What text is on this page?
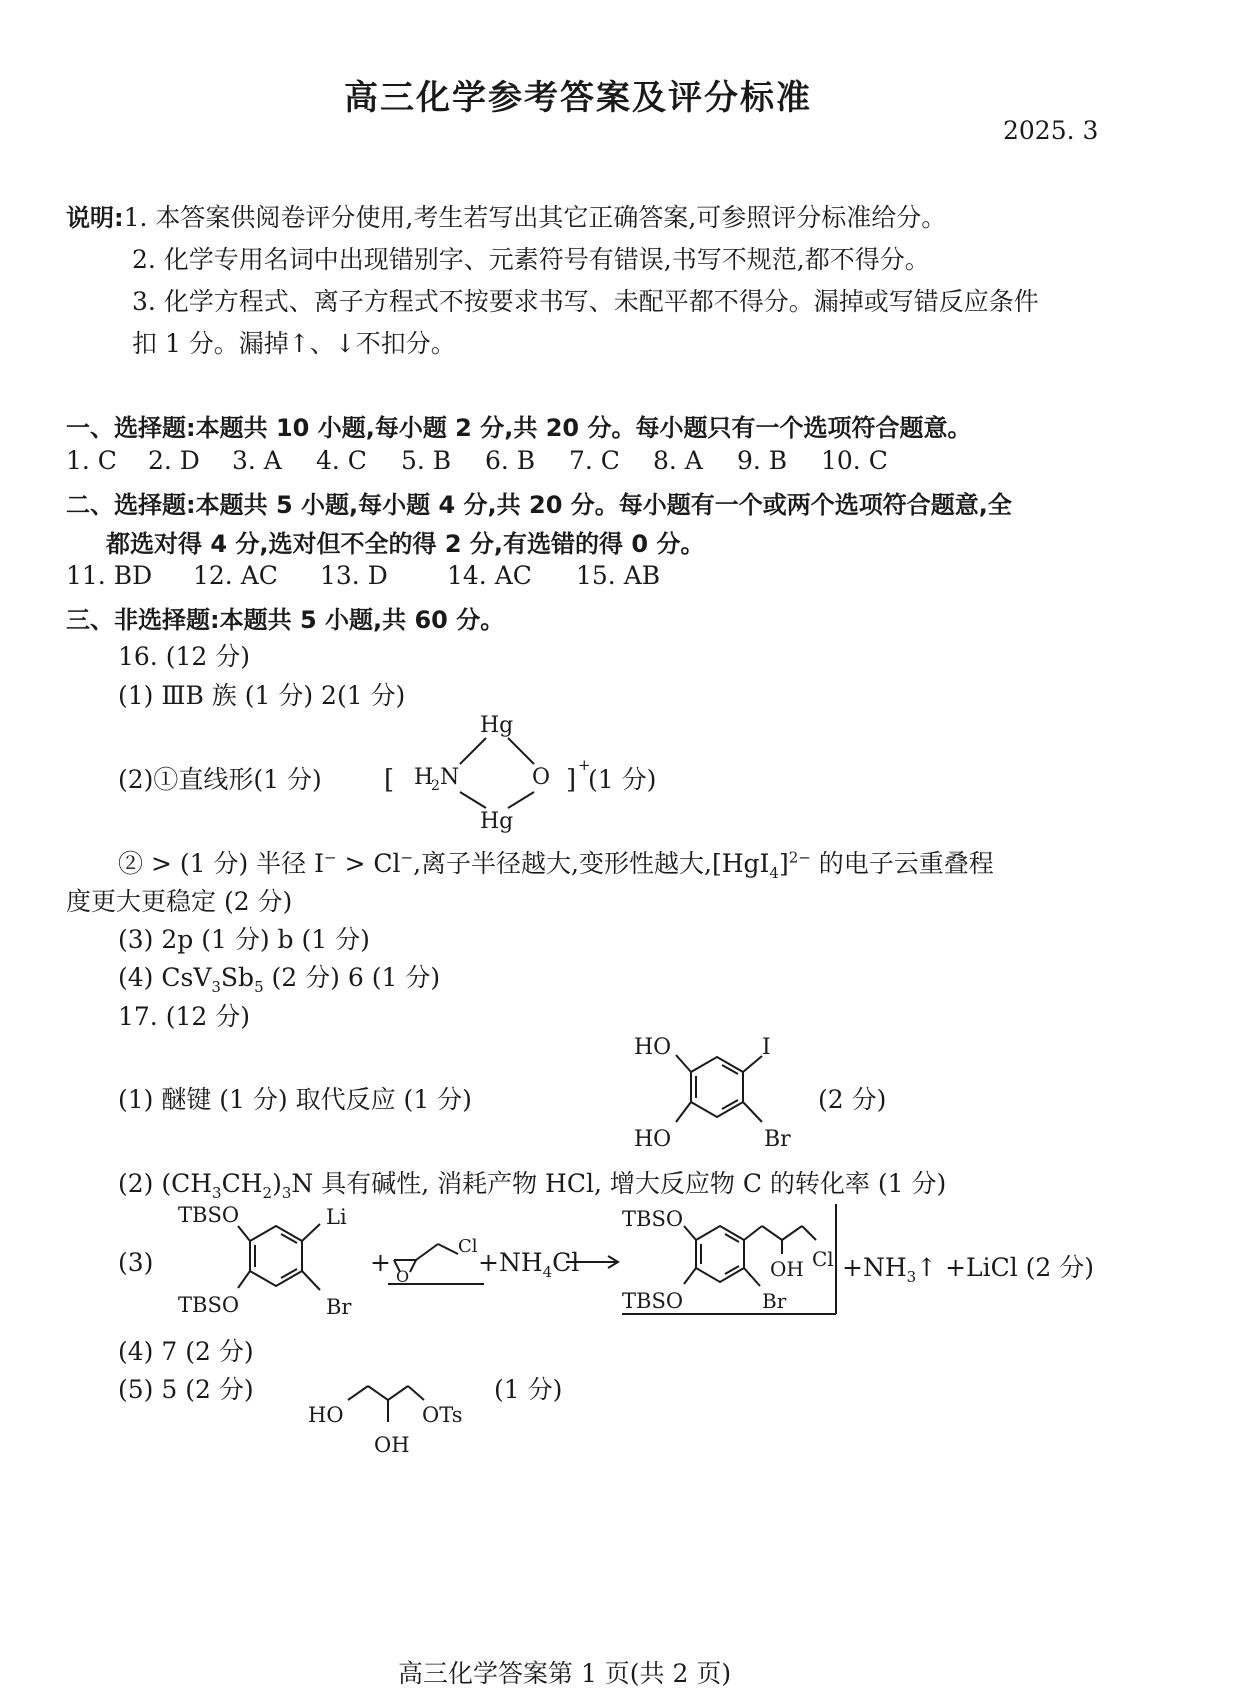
高三化学参考答案及评分标准
2025. 3
说明:1. 本答案供阅卷评分使用,考生若写出其它正确答案,可参照评分标准给分。
2. 化学专用名词中出现错别字、元素符号有错误,书写不规范,都不得分。
3. 化学方程式、离子方程式不按要求书写、未配平都不得分。漏掉或写错反应条件
扣 1 分。漏掉↑、↓不扣分。
一、选择题:本题共 10 小题,每小题 2 分,共 20 分。每小题只有一个选项符合题意。
1. C 2. D 3. A 4. C 5. B 6. B 7. C 8. A 9. B 10. C
二、选择题:本题共 5 小题,每小题 4 分,共 20 分。每小题有一个或两个选项符合题意,全
都选对得 4 分,选对但不全的得 2 分,有选错的得 0 分。
11. BD 12. AC 13. D 14. AC 15. AB
三、非选择题:本题共 5 小题,共 60 分。
16. (12 分)
(1) ⅢB 族 (1 分) 2(1 分)
(2)①直线形(1 分) [
Hg
H
2 N	O
Hg
] +
(1 分)
② > (1 分) 半径 I− > Cl−,离子半径越大,变形性越大$,[HgI_4]^{2-}$ 的电子云重叠程
度更大更稳定 (2 分)
(3) 2p (1 分) b (1 分)
(4) $CsV_3Sb_5$ (2 分) 6 (1 分)
17. (12 分)
(1) 醚键 (1 分) 取代反应 (1 分)
HO	I
HO	Br
(2 分)
(2) $(CH_3CH_2)_3N$ 具有碱性, 消耗产物 HCl, 增大反应物 C 的转化率 (1 分)
(3)
TBSO	Li
TBSO	Br
+ O
Cl
$+NH_4Cl$
TBSO
OH Cl
TBSO	Br
$+NH_3↑$ +LiCl (2 分)
(4) 7 (2 分)
(5) 5 (2 分)
HO	OTs
OH
(1 分)
高三化学答案第 1 页(共 2 页)
